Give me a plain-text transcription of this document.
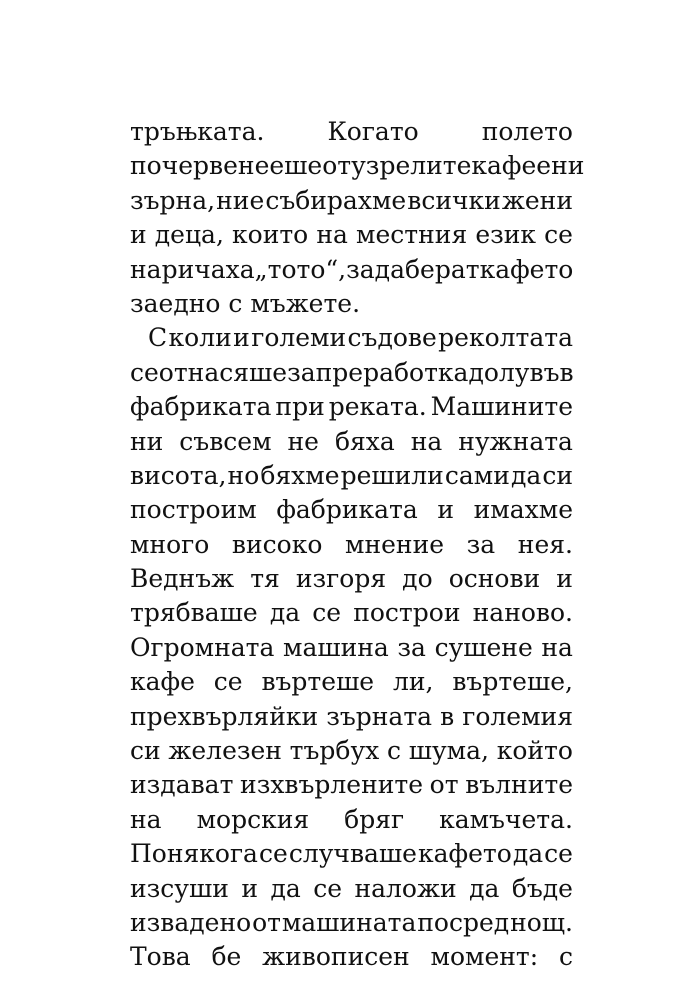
тръњката.	Когато	полето
почервенееше от узрелите кафеени
зърна, ние събирахме всички жени
и деца, които на местния език се
наричаха „тото“, за да берат кафето
заедно с мъжете.
С коли и големи съдове реколтата
се отнасяше за преработка долу във
фабриката при реката. Машините
ни съвсем не бяха на нужната
висота, но бяхме решили сами да си
построим фабриката и имахме
много високо мнение за нея.
Веднъж тя изгоря до основи и
трябваше да се построи наново.
Огромната машина за сушене на
кафе се въртеше ли, въртеше,
прехвърляйки зърната в големия
си железен търбух с шума, който
издават изхвърлените от вълните
на морския бряг камъчета.
Понякога се случваше кафето да се
изсуши и да се наложи да бъде
извадено от машината посред нощ.
Това бе живописен момент: с
